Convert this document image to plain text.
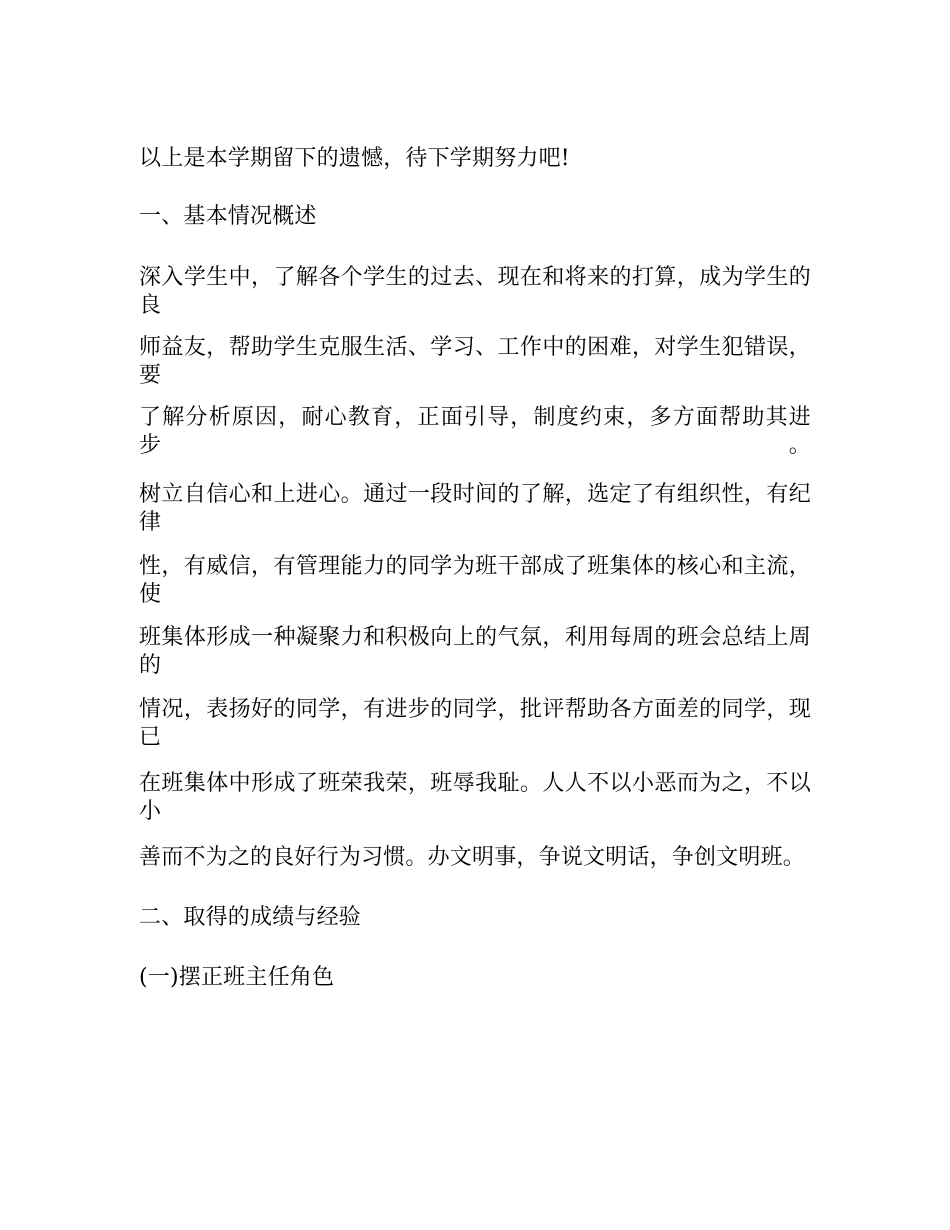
以上是本学期留下的遗憾，待下学期努力吧!
一、基本情况概述
深入学生中，了解各个学生的过去、现在和将来的打算，成为学生的良
师益友，帮助学生克服生活、学习、工作中的困难，对学生犯错误，要
了解分析原因，耐心教育，正面引导，制度约束，多方面帮助其进步。
树立自信心和上进心。通过一段时间的了解，选定了有组织性，有纪律
性，有威信，有管理能力的同学为班干部成了班集体的核心和主流，使
班集体形成一种凝聚力和积极向上的气氛，利用每周的班会总结上周的
情况，表扬好的同学，有进步的同学，批评帮助各方面差的同学，现已
在班集体中形成了班荣我荣，班辱我耻。人人不以小恶而为之，不以小
善而不为之的良好行为习惯。办文明事，争说文明话，争创文明班。
二、取得的成绩与经验
(一)摆正班主任角色
